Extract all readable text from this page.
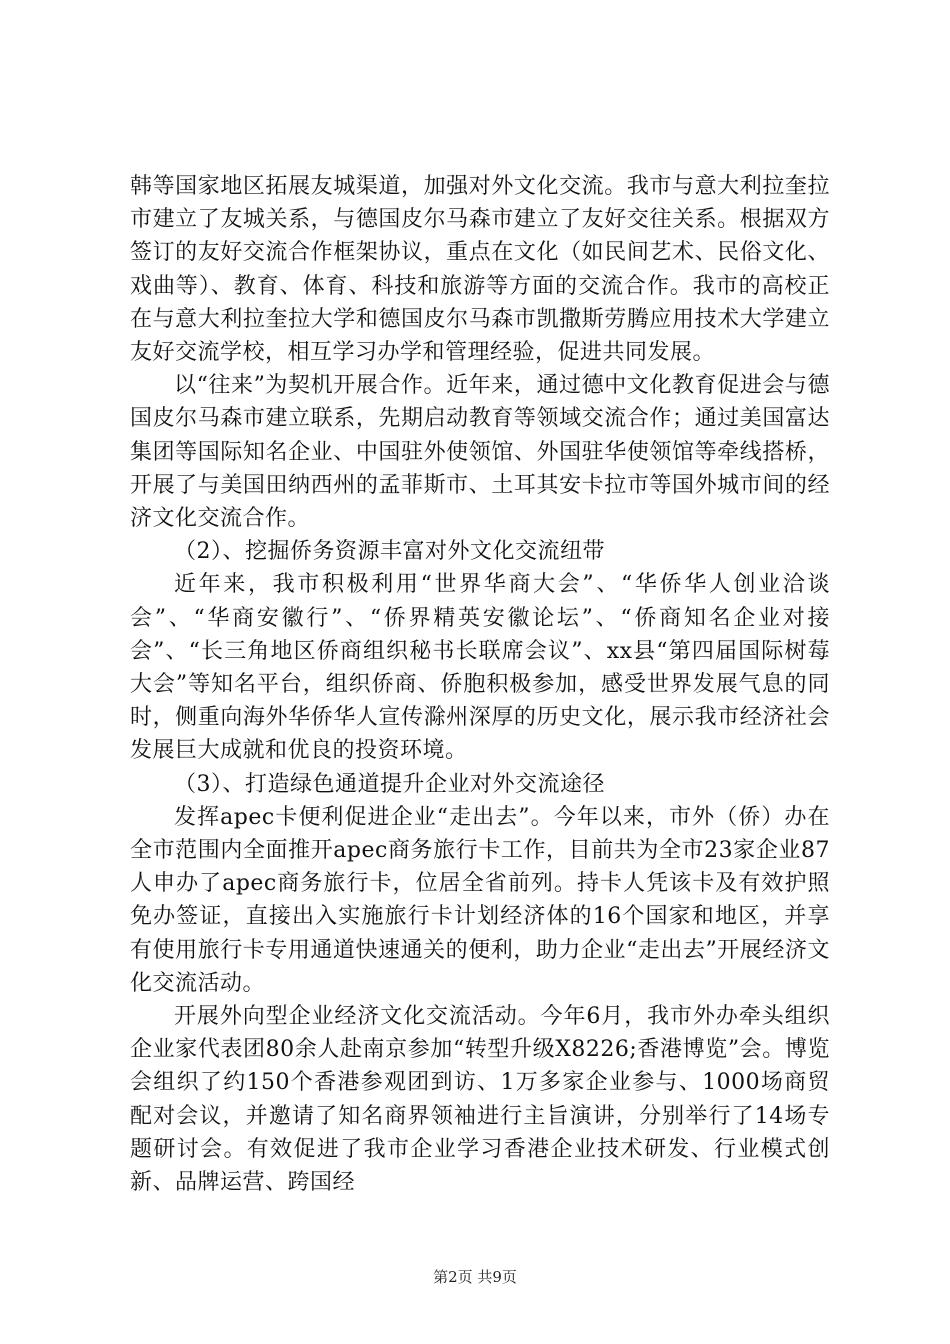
韩等国家地区拓展友城渠道，加强对外文化交流。我市与意大利拉奎拉市建立了友城关系，与德国皮尔马森市建立了友好交往关系。根据双方签订的友好交流合作框架协议，重点在文化（如民间艺术、民俗文化、戏曲等）、教育、体育、科技和旅游等方面的交流合作。我市的高校正在与意大利拉奎拉大学和德国皮尔马森市凯撒斯劳腾应用技术大学建立友好交流学校，相互学习办学和管理经验，促进共同发展。

以“往来”为契机开展合作。近年来，通过德中文化教育促进会与德国皮尔马森市建立联系，先期启动教育等领域交流合作；通过美国富达集团等国际知名企业、中国驻外使领馆、外国驻华使领馆等牵线搭桥，开展了与美国田纳西州的孟菲斯市、土耳其安卡拉市等国外城市间的经济文化交流合作。

（2）、挖掘侨务资源丰富对外文化交流纽带

近年来，我市积极利用“世界华商大会”、“华侨华人创业洽谈会”、“华商安徽行”、“侨界精英安徽论坛”、“侨商知名企业对接会”、“长三角地区侨商组织秘书长联席会议”、xx县“第四届国际树莓大会”等知名平台，组织侨商、侨胞积极参加，感受世界发展气息的同时，侧重向海外华侨华人宣传滁州深厚的历史文化，展示我市经济社会发展巨大成就和优良的投资环境。

（3）、打造绿色通道提升企业对外交流途径

发挥apec卡便利促进企业“走出去”。今年以来，市外（侨）办在全市范围内全面推开apec商务旅行卡工作，目前共为全市23家企业87人申办了apec商务旅行卡，位居全省前列。持卡人凭该卡及有效护照免办签证，直接出入实施旅行卡计划经济体的16个国家和地区，并享有使用旅行卡专用通道快速通关的便利，助力企业“走出去”开展经济文化交流活动。

开展外向型企业经济文化交流活动。今年6月，我市外办牵头组织企业家代表团80余人赴南京参加“转型升级X8226;香港博览”会。博览会组织了约150个香港参观团到访、1万多家企业参与、1000场商贸配对会议，并邀请了知名商界领袖进行主旨演讲，分别举行了14场专题研讨会。有效促进了我市企业学习香港企业技术研发、行业模式创新、品牌运营、跨国经

第2页 共9页
